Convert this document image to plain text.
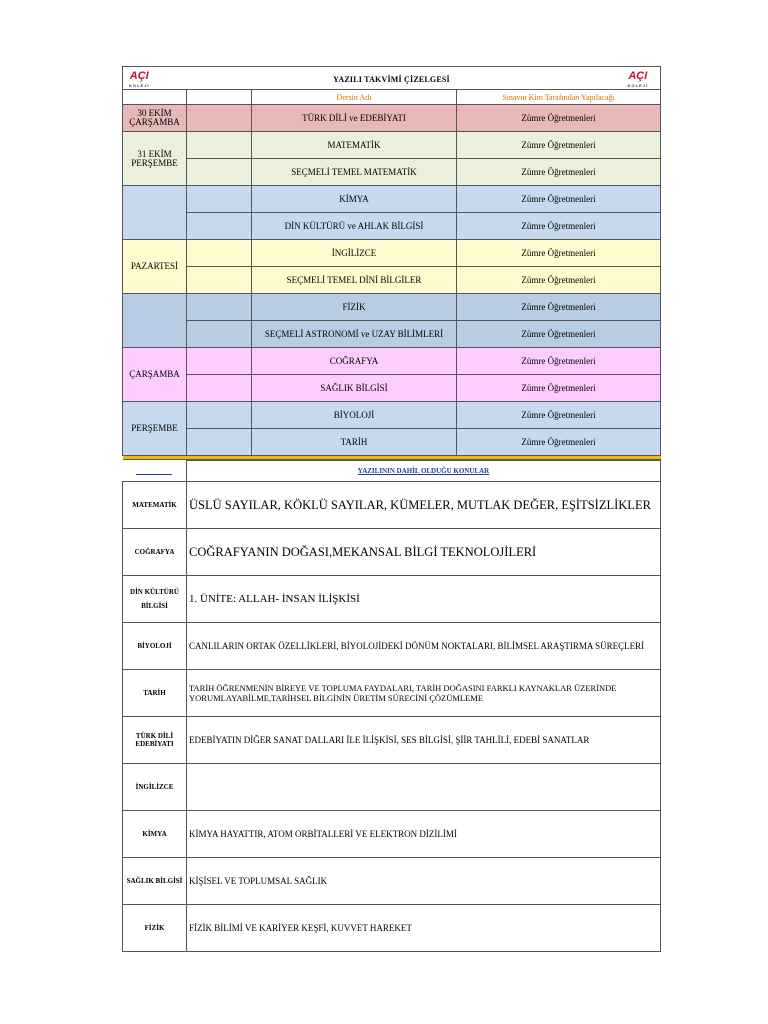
AÇI
KOLEJİ
YAZILI TAKVİMİ ÇİZELGESİ AÇI
KOLEJİ			

		Dersin Adı	Sınavın Kim Tarafından Yapılacağı
30 EKİM ÇARŞAMBA		TÜRK DİLİ ve EDEBİYATI	Zümre Öğretmenleri
31 EKİM PERŞEMBE		MATEMATİK	Zümre Öğretmenleri
		SEÇMELİ TEMEL MATEMATİK	Zümre Öğretmenleri
		KİMYA	Zümre Öğretmenleri
		DİN KÜLTÜRÜ ve AHLAK BİLGİSİ	Zümre Öğretmenleri
PAZARTESİ		İNGİLİZCE	Zümre Öğretmenleri
		SEÇMELİ TEMEL DİNİ BİLGİLER	Zümre Öğretmenleri
		FİZİK	Zümre Öğretmenleri
		SEÇMELİ ASTRONOMİ ve UZAY BİLİMLERİ	Zümre Öğretmenleri
ÇARŞAMBA		COĞRAFYA	Zümre Öğretmenleri
		SAĞLIK BİLGİSİ	Zümre Öğretmenleri
PERŞEMBE		BİYOLOJİ	Zümre Öğretmenleri
		TARİH	Zümre Öğretmenleri

	YAZILININ DAHİL OLDUĞU KONULAR
MATEMATİK	ÜSLÜ SAYILAR, KÖKLÜ SAYILAR, KÜMELER, MUTLAK DEĞER, EŞİTSİZLİKLER
COĞRAFYA	COĞRAFYANIN DOĞASI,MEKANSAL BİLGİ TEKNOLOJİLERİ
DİN KÜLTÜRÜ BİLGİSİ	1. ÜNİTE: ALLAH- İNSAN İLİŞKİSİ
BİYOLOJİ	CANLILARIN ORTAK ÖZELLİKLERİ, BİYOLOJİDEKİ DÖNÜM NOKTALARI, BİLİMSEL ARAŞTIRMA SÜREÇLERİ
TARİH	TARİH ÖĞRENMENİN BİREYE VE TOPLUMA FAYDALARI, TARİH DOĞASINI FARKLI KAYNAKLAR ÜZERİNDE YORUMLAYABİLME,TARİHSEL BİLGİNİN ÜRETİM SÜRECİNİ ÇÖZÜMLEME
TÜRK DİLİ EDEBİYATI	EDEBİYATIN DİĞER SANAT DALLARI İLE İLİŞKİSİ, SES BİLGİSİ, ŞİİR TAHLİLİ, EDEBİ SANATLAR
İNGİLİZCE	
KİMYA	KİMYA HAYATTIR, ATOM ORBİTALLERİ VE ELEKTRON DİZİLİMİ
SAĞLIK BİLGİSİ	KİŞİSEL VE TOPLUMSAL SAĞLIK
FİZİK	FİZİK BİLİMİ VE KARİYER KEŞFİ, KUVVET HAREKET
